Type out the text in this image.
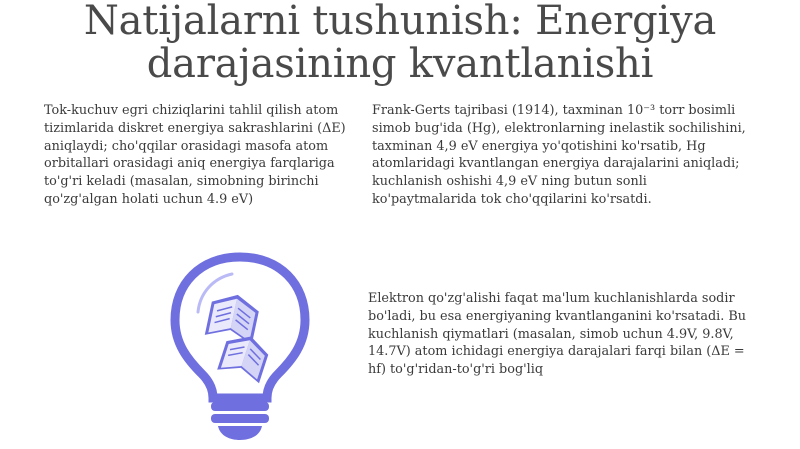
Natijalarni tushunish: Energiya darajasining kvantlanishi

Tok-kuchuv egri chiziqlarini tahlil qilish atom tizimlarida diskret energiya sakrashlarini (ΔE) aniqlaydi; cho'qqilar orasidagi masofa atom orbitallari orasidagi aniq energiya farqlariga to'g'ri keladi (masalan, simobning birinchi qo'zg'algan holati uchun 4.9 eV)

Frank-Gerts tajribasi (1914), taxminan 10⁻³ torr bosimli simob bug'ida (Hg), elektronlarning inelastik sochilishini, taxminan 4,9 eV energiya yo'qotishini ko'rsatib, Hg atomlaridagi kvantlangan energiya darajalarini aniqladi; kuchlanish oshishi 4,9 eV ning butun sonli ko'paytmalarida tok cho'qqilarini ko'rsatdi.

Elektron qo'zg'alishi faqat ma'lum kuchlanishlarda sodir bo'ladi, bu esa energiyaning kvantlanganini ko'rsatadi. Bu kuchlanish qiymatlari (masalan, simob uchun 4.9V, 9.8V, 14.7V) atom ichidagi energiya darajalari farqi bilan (ΔE = hf) to'g'ridan-to'g'ri bog'liq
